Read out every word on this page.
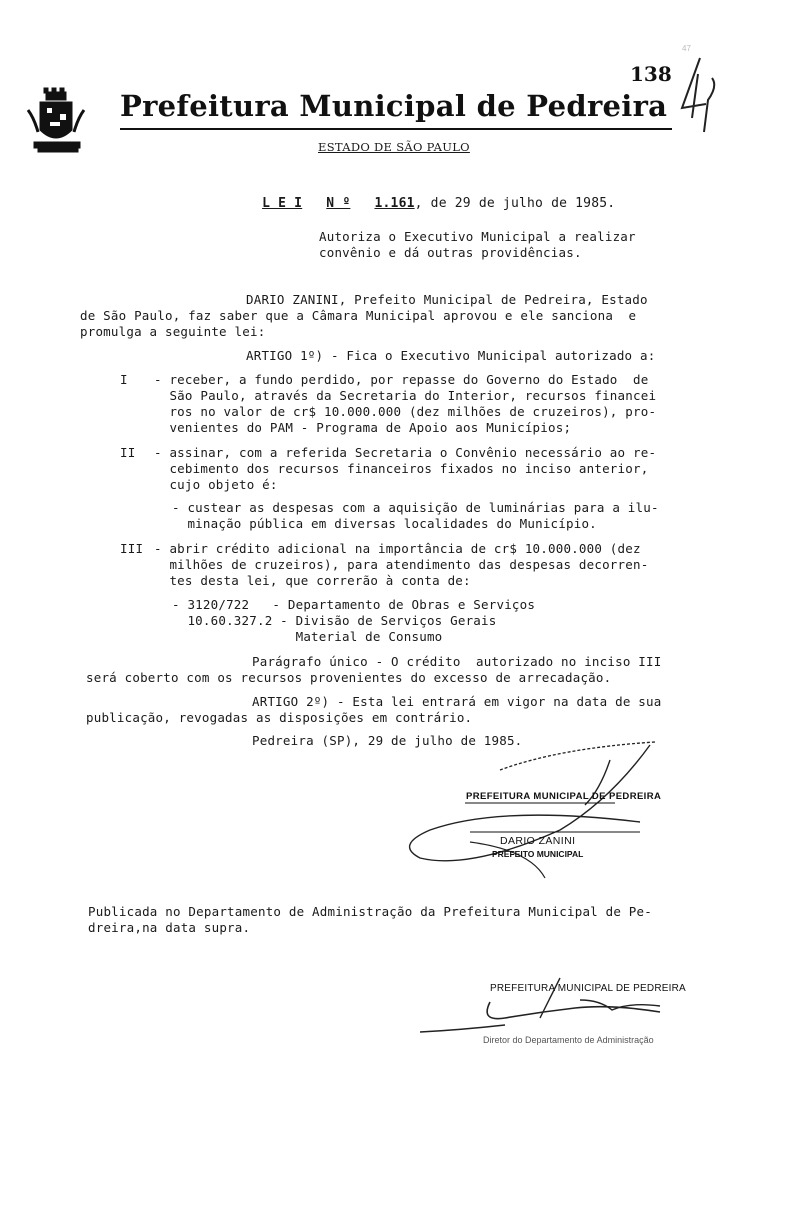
138
47
Prefeitura Municipal de Pedreira
ESTADO DE SÃO PAULO

L E I N º 1.161, de 29 de julho de 1985.

Autoriza o Executivo Municipal a realizar
convênio e dá outras providências.
DARIO ZANINI, Prefeito Municipal de Pedreira, Estado
de São Paulo, faz saber que a Câmara Municipal aprovou e ele sanciona  e
promulga a seguinte lei:
ARTIGO 1º) - Fica o Executivo Municipal autorizado a:
I - receber, a fundo perdido, por repasse do Governo do Estado  de
São Paulo, através da Secretaria do Interior, recursos financei
ros no valor de cr$ 10.000.000 (dez milhões de cruzeiros), pro-
venientes do PAM - Programa de Apoio aos Municípios;
II - assinar, com a referida Secretaria o Convênio necessário ao re-
cebimento dos recursos financeiros fixados no inciso anterior,
cujo objeto é:
- custear as despesas com a aquisição de luminárias para a ilu-
minação pública em diversas localidades do Município.
III - abrir crédito adicional na importância de cr$ 10.000.000 (dez
milhões de cruzeiros), para atendimento das despesas decorren-
tes desta lei, que correrão à conta de:
- 3120/722   - Departamento de Obras e Serviços
10.60.327.2 - Divisão de Serviços Gerais
Material de Consumo
Parágrafo único - O crédito  autorizado no inciso III
será coberto com os recursos provenientes do excesso de arrecadação.
ARTIGO 2º) - Esta lei entrará em vigor na data de sua
publicação, revogadas as disposições em contrário.
Pedreira (SP), 29 de julho de 1985.
PREFEITURA MUNICIPAL DE PEDREIRA
DARIO ZANINI
PREFEITO MUNICIPAL
Publicada no Departamento de Administração da Prefeitura Municipal de Pe-
dreira,na data supra.
PREFEITURA MUNICIPAL DE PEDREIRA
Diretor do Departamento de Administração
